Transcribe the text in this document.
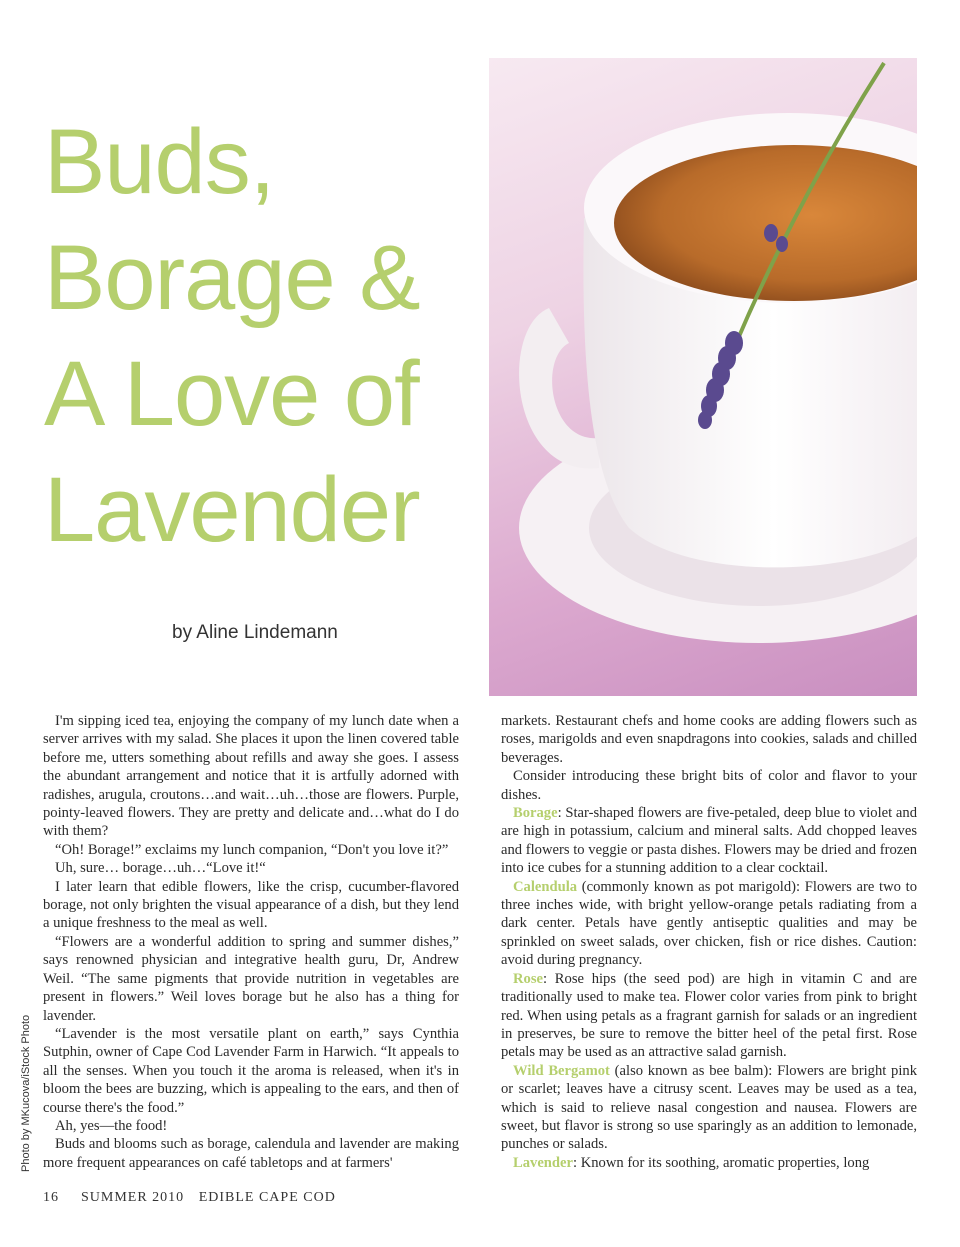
Buds,
Borage &
A Love of
Lavender
by Aline Lindemann
Photo by MKucova/iStock Photo

I'm sipping iced tea, enjoying the company of my lunch date when a server arrives with my salad. She places it upon the linen covered table before me, utters something about refills and away she goes. I assess the abundant arrangement and notice that it is artfully adorned with radishes, arugula, croutons…and wait…uh…those are flowers. Purple, pointy-leaved flowers. They are pretty and delicate and…what do I do with them?

“Oh! Borage!” exclaims my lunch companion, “Don't you love it?”

Uh, sure… borage…uh…“Love it!“

I later learn that edible flowers, like the crisp, cucumber-flavored borage, not only brighten the visual appearance of a dish, but they lend a unique freshness to the meal as well.

“Flowers are a wonderful addition to spring and summer dishes,” says renowned physician and integrative health guru, Dr, Andrew Weil. “The same pigments that provide nutrition in vegetables are present in flowers.” Weil loves borage but he also has a thing for lavender.

“Lavender is the most versatile plant on earth,” says Cynthia Sutphin, owner of Cape Cod Lavender Farm in Harwich. “It appeals to all the senses. When you touch it the aroma is released, when it's in bloom the bees are buzzing, which is appealing to the ears, and then of course there's the food.”

Ah, yes—the food!

Buds and blooms such as borage, calendula and lavender are making more frequent appearances on café tabletops and at farmers'

markets. Restaurant chefs and home cooks are adding flowers such as roses, marigolds and even snapdragons into cookies, salads and chilled beverages.

Consider introducing these bright bits of color and flavor to your dishes.

Borage: Star-shaped flowers are five-petaled, deep blue to violet and are high in potassium, calcium and mineral salts. Add chopped leaves and flowers to veggie or pasta dishes. Flowers may be dried and frozen into ice cubes for a stunning addition to a clear cocktail.

Calendula (commonly known as pot marigold): Flowers are two to three inches wide, with bright yellow-orange petals radiating from a dark center. Petals have gently antiseptic qualities and may be sprinkled on sweet salads, over chicken, fish or rice dishes. Caution: avoid during pregnancy.

Rose: Rose hips (the seed pod) are high in vitamin C and are traditionally used to make tea. Flower color varies from pink to bright red. When using petals as a fragrant garnish for salads or an ingredient in preserves, be sure to remove the bitter heel of the petal first. Rose petals may be used as an attractive salad garnish.

Wild Bergamot (also known as bee balm): Flowers are bright pink or scarlet; leaves have a citrusy scent. Leaves may be used as a tea, which is said to relieve nasal congestion and nausea. Flowers are sweet, but flavor is strong so use sparingly as an addition to lemonade, punches or salads.

Lavender: Known for its soothing, aromatic properties, long

16 SUMMER 2010 EDIBLE CAPE COD
